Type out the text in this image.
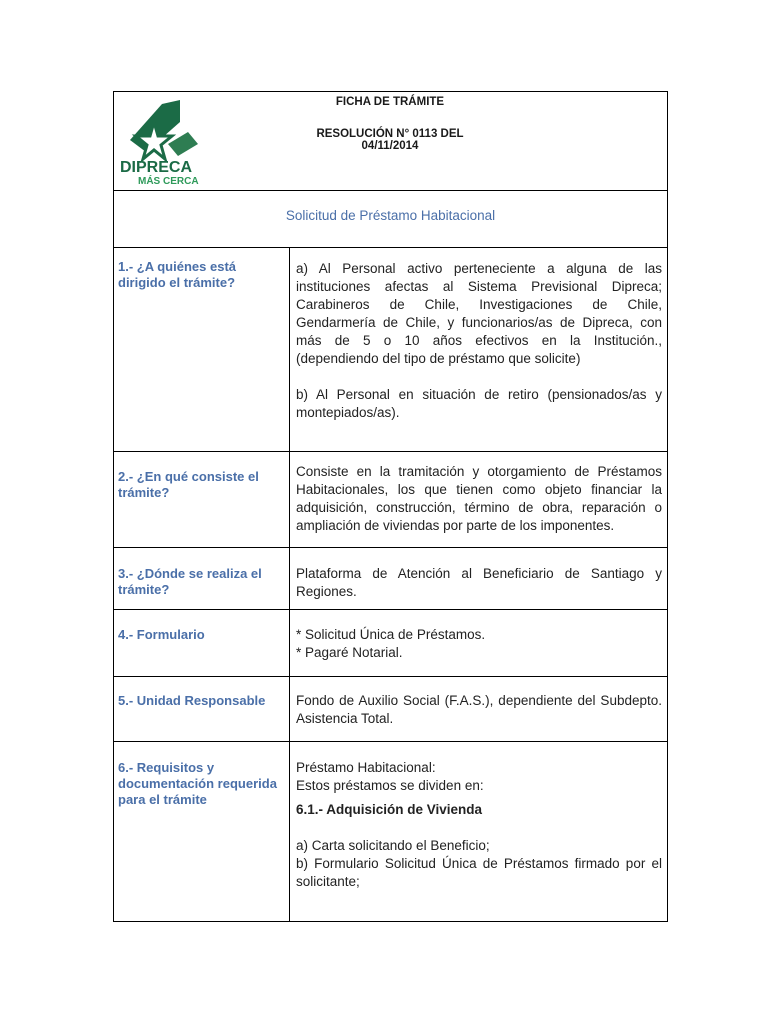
DIPRECA
MÁS CERCA
FICHA DE TRÁMITE
RESOLUCIÓN N° 0113 DEL 04/11/2014
Solicitud de Préstamo Habitacional
1.- ¿A quiénes está dirigido el trámite?

a) Al Personal activo perteneciente a alguna de las instituciones afectas al Sistema Previsional Dipreca; Carabineros de Chile, Investigaciones de Chile, Gendarmería de Chile, y funcionarios/as de Dipreca, con más de 5 o 10 años efectivos en la Institución., (dependiendo del tipo de préstamo que solicite)

b) Al Personal en situación de retiro (pensionados/as y montepiados/as).

2.- ¿En qué consiste el trámite?

Consiste en la tramitación y otorgamiento de Préstamos Habitacionales, los que tienen como objeto financiar la adquisición, construcción, término de obra, reparación o ampliación de viviendas por parte de los imponentes.

3.- ¿Dónde se realiza el trámite?

Plataforma de Atención al Beneficiario de Santiago y Regiones.

4.- Formulario	* Solicitud Única de Préstamos.

* Pagaré Notarial.

5.- Unidad Responsable	Fondo de Auxilio Social (F.A.S.), dependiente del Subdepto. Asistencia Total.

6.- Requisitos y documentación requerida para el trámite

Préstamo Habitacional:

Estos préstamos se dividen en:

6.1.- Adquisición de Vivienda

a) Carta solicitando el Beneficio;

b) Formulario Solicitud Única de Préstamos firmado por el solicitante;
